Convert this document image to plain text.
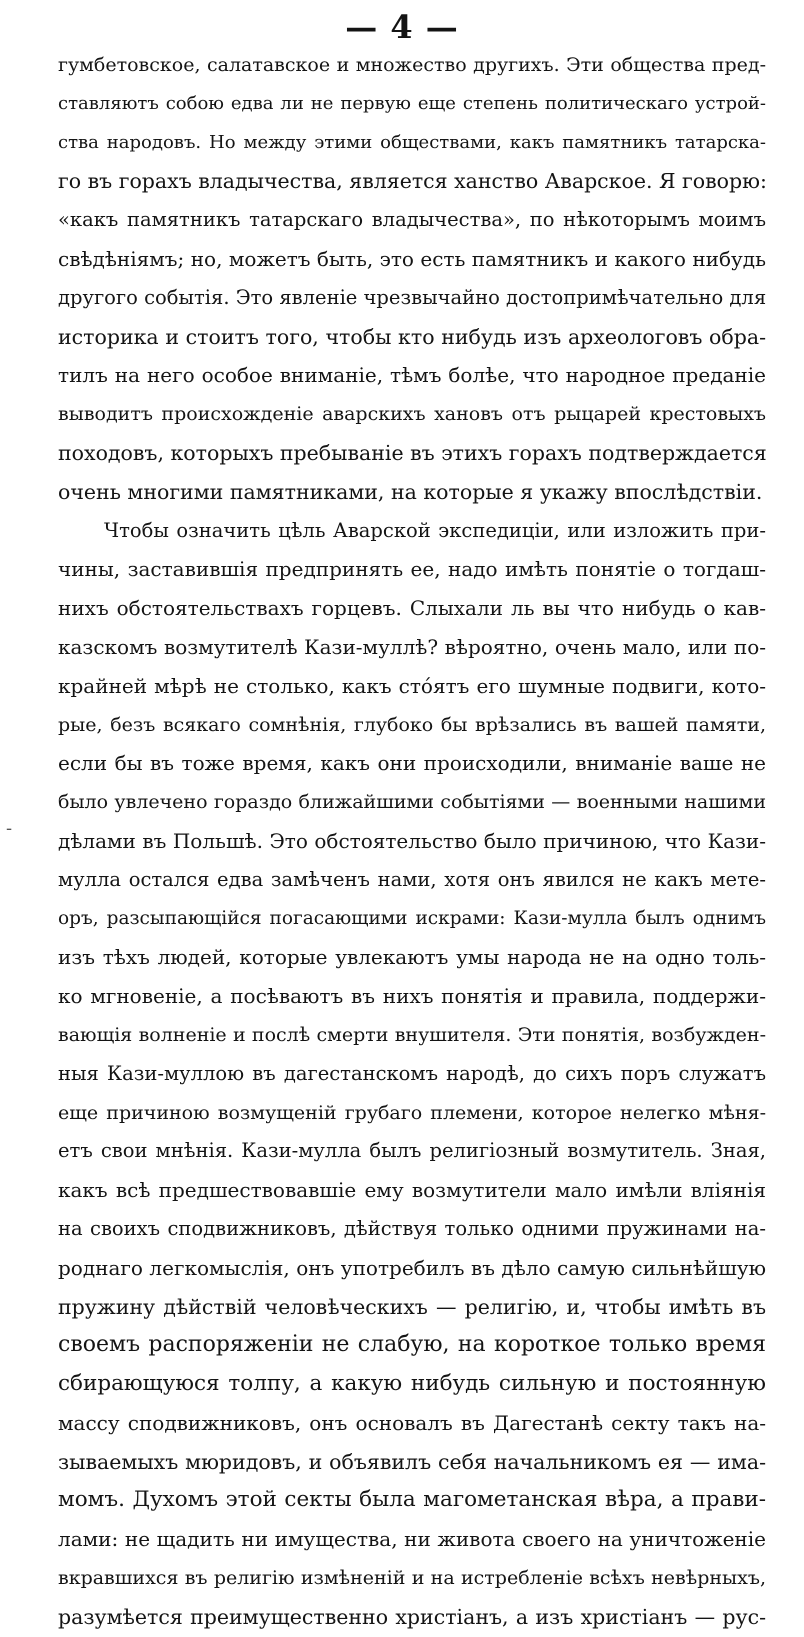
— 4 —
-
гумбетовское, салатавское и множество другихъ. Эти общества пред-
ставляютъ собою едва ли не первую еще степень политическаго устрой-
ства народовъ. Но между этими обществами, какъ памятникъ татарска-
го въ горахъ владычества, является ханство Аварское. Я говорю:
«какъ памятникъ татарскаго владычества», по нѣкоторымъ моимъ
свѣдѣніямъ; но, можетъ быть, это есть памятникъ и какого нибудь
другого событія. Это явленіе чрезвычайно достопримѣчательно для
историка и стоитъ того, чтобы кто нибудь изъ археологовъ обра-
тилъ на него особое вниманіе, тѣмъ болѣе, что народное преданіе
выводитъ происхожденіе аварскихъ хановъ отъ рыцарей крестовыхъ
походовъ, которыхъ пребываніе въ этихъ горахъ подтверждается
очень многими памятниками, на которые я укажу впослѣдствіи.
Чтобы означить цѣль Аварской экспедиціи, или изложить при-
чины, заставившія предпринять ее, надо имѣть понятіе о тогдаш-
нихъ обстоятельствахъ горцевъ. Слыхали ль вы что нибудь о кав-
казскомъ возмутителѣ Кази-муллѣ? вѣроятно, очень мало, или по-
крайней мѣрѣ не столько, какъ стóятъ его шумные подвиги, кото-
рые, безъ всякаго сомнѣнія, глубоко бы врѣзались въ вашей памяти,
если бы въ тоже время, какъ они происходили, вниманіе ваше не
было увлечено гораздо ближайшими событіями — военными нашими
дѣлами въ Польшѣ. Это обстоятельство было причиною, что Кази-
мулла остался едва замѣченъ нами, хотя онъ явился не какъ мете-
оръ, разсыпающійся погасающими искрами: Кази-мулла былъ однимъ
изъ тѣхъ людей, которые увлекаютъ умы народа не на одно толь-
ко мгновеніе, а посѣваютъ въ нихъ понятія и правила, поддержи-
вающія волненіе и послѣ смерти внушителя. Эти понятія, возбужден-
ныя Кази-муллою въ дагестанскомъ народѣ, до сихъ поръ служатъ
еще причиною возмущеній грубаго племени, которое нелегко мѣня-
етъ свои мнѣнія. Кази-мулла былъ религіозный возмутитель. Зная,
какъ всѣ предшествовавшіе ему возмутители мало имѣли вліянія
на своихъ сподвижниковъ, дѣйствуя только одними пружинами на-
роднаго легкомыслія, онъ употребилъ въ дѣло самую сильнѣйшую
пружину дѣйствій человѣческихъ — религію, и, чтобы имѣть въ
своемъ распоряженіи не слабую, на короткое только время
сбирающуюся толпу, а какую нибудь сильную и постоянную
массу сподвижниковъ, онъ основалъ въ Дагестанѣ секту такъ на-
зываемыхъ мюридовъ, и объявилъ себя начальникомъ ея — има-
момъ. Духомъ этой секты была магометанская вѣра, а прави-
лами: не щадить ни имущества, ни живота своего на уничтоженіе
вкравшихся въ религію измѣненій и на истребленіе всѣхъ невѣрныхъ,
разумѣется преимущественно христіанъ, а изъ христіанъ — рус-
